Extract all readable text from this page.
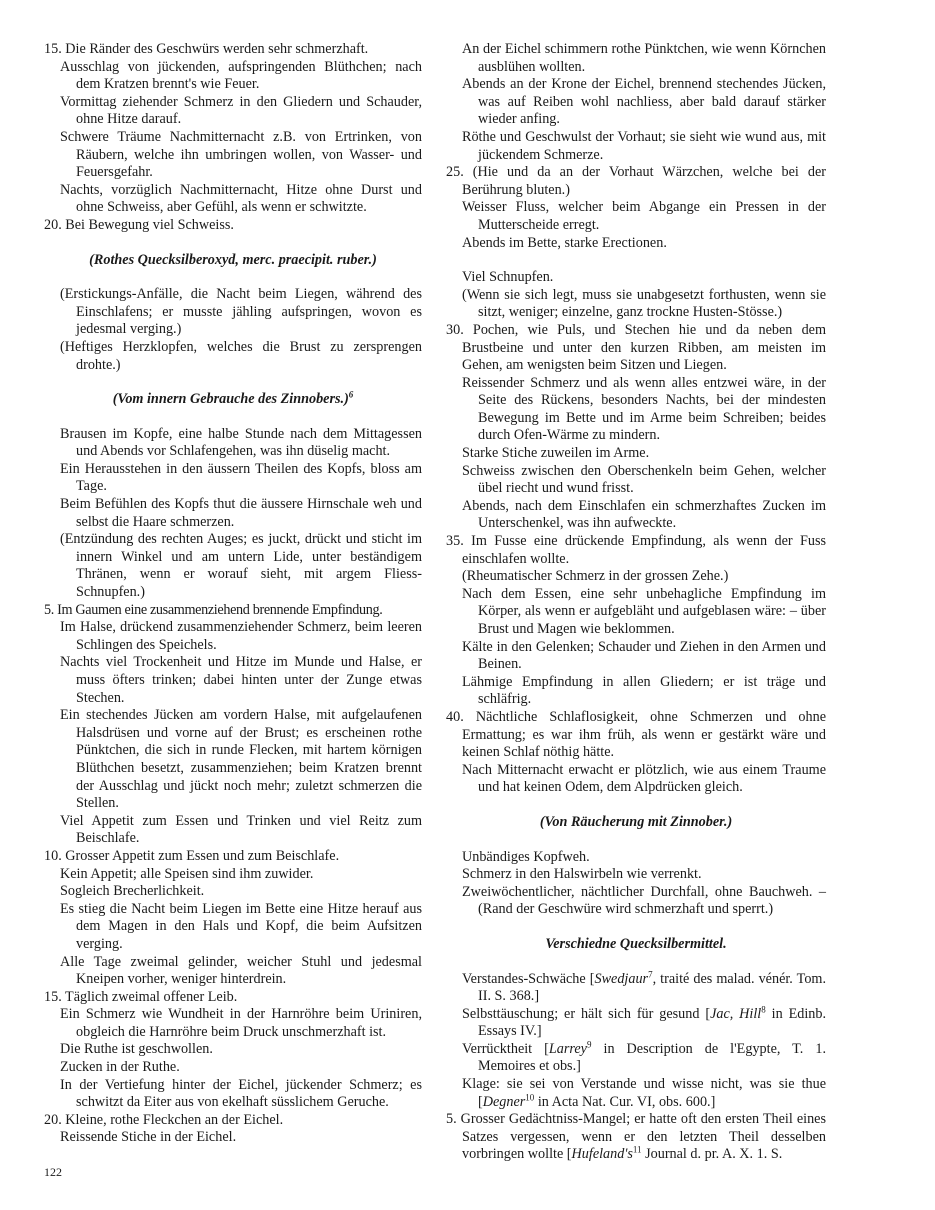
15. Die Ränder des Geschwürs werden sehr schmerzhaft.
Ausschlag von jückenden, aufspringenden Blüthchen; nach dem Kratzen brennt's wie Feuer.
Vormittag ziehender Schmerz in den Gliedern und Schauder, ohne Hitze darauf.
Schwere Träume Nachmitternacht z.B. von Ertrinken, von Räubern, welche ihn umbringen wollen, von Wasser- und Feuersgefahr.
Nachts, vorzüglich Nachmitternacht, Hitze ohne Durst und ohne Schweiss, aber Gefühl, als wenn er schwitzte.
20. Bei Bewegung viel Schweiss.
(Rothes Quecksilberoxyd, merc. praecipit. ruber.)
(Erstickungs-Anfälle, die Nacht beim Liegen, während des Einschlafens; er musste jähling aufspringen, wovon es jedesmal verging.)
(Heftiges Herzklopfen, welches die Brust zu zersprengen drohte.)
(Vom innern Gebrauche des Zinnobers.)$^6$
Brausen im Kopfe, eine halbe Stunde nach dem Mittagessen und Abends vor Schlafengehen, was ihn düselig macht.
Ein Herausstehen in den äussern Theilen des Kopfs, bloss am Tage.
Beim Befühlen des Kopfs thut die äussere Hirnschale weh und selbst die Haare schmerzen.
(Entzündung des rechten Auges; es juckt, drückt und sticht im innern Winkel und am untern Lide, unter beständigem Thränen, wenn er worauf sieht, mit argem Fliess-Schnupfen.)
5. Im Gaumen eine zusammenziehend brennende Empfindung.
Im Halse, drückend zusammenziehender Schmerz, beim leeren Schlingen des Speichels.
Nachts viel Trockenheit und Hitze im Munde und Halse, er muss öfters trinken; dabei hinten unter der Zunge etwas Stechen.
Ein stechendes Jücken am vordern Halse, mit aufgelaufenen Halsdrüsen und vorne auf der Brust; es erscheinen rothe Pünktchen, die sich in runde Flecken, mit hartem körnigen Blüthchen besetzt, zusammenziehen; beim Kratzen brennt der Ausschlag und jückt noch mehr; zuletzt schmerzen die Stellen.
Viel Appetit zum Essen und Trinken und viel Reitz zum Beischlafe.
10. Grosser Appetit zum Essen und zum Beischlafe.
Kein Appetit; alle Speisen sind ihm zuwider.
Sogleich Brecherlichkeit.
Es stieg die Nacht beim Liegen im Bette eine Hitze herauf aus dem Magen in den Hals und Kopf, die beim Aufsitzen verging.
Alle Tage zweimal gelinder, weicher Stuhl und jedesmal Kneipen vorher, weniger hinterdrein.
15. Täglich zweimal offener Leib.
Ein Schmerz wie Wundheit in der Harnröhre beim Uriniren, obgleich die Harnröhre beim Druck unschmerzhaft ist.
Die Ruthe ist geschwollen.
Zucken in der Ruthe.
In der Vertiefung hinter der Eichel, jückender Schmerz; es schwitzt da Eiter aus von ekelhaft süsslichem Geruche.
20. Kleine, rothe Fleckchen an der Eichel.
Reissende Stiche in der Eichel.
An der Eichel schimmern rothe Pünktchen, wie wenn Körnchen ausblühen wollten.
Abends an der Krone der Eichel, brennend stechendes Jücken, was auf Reiben wohl nachliess, aber bald darauf stärker wieder anfing.
Röthe und Geschwulst der Vorhaut; sie sieht wie wund aus, mit jückendem Schmerze.
25. (Hie und da an der Vorhaut Wärzchen, welche bei der Berührung bluten.)
Weisser Fluss, welcher beim Abgange ein Pressen in der Mutterscheide erregt.
Abends im Bette, starke Erectionen.
Viel Schnupfen.
(Wenn sie sich legt, muss sie unabgesetzt forthusten, wenn sie sitzt, weniger; einzelne, ganz trockne Husten-Stösse.)
30. Pochen, wie Puls, und Stechen hie und da neben dem Brustbeine und unter den kurzen Ribben, am meisten im Gehen, am wenigsten beim Sitzen und Liegen.
Reissender Schmerz und als wenn alles entzwei wäre, in der Seite des Rückens, besonders Nachts, bei der mindesten Bewegung im Bette und im Arme beim Schreiben; beides durch Ofen-Wärme zu mindern.
Starke Stiche zuweilen im Arme.
Schweiss zwischen den Oberschenkeln beim Gehen, welcher übel riecht und wund frisst.
Abends, nach dem Einschlafen ein schmerzhaftes Zucken im Unterschenkel, was ihn aufweckte.
35. Im Fusse eine drückende Empfindung, als wenn der Fuss einschlafen wollte.
(Rheumatischer Schmerz in der grossen Zehe.)
Nach dem Essen, eine sehr unbehagliche Empfindung im Körper, als wenn er aufgebläht und aufgeblasen wäre: – über Brust und Magen wie beklommen.
Kälte in den Gelenken; Schauder und Ziehen in den Armen und Beinen.
Lähmige Empfindung in allen Gliedern; er ist träge und schläfrig.
40. Nächtliche Schlaflosigkeit, ohne Schmerzen und ohne Ermattung; es war ihm früh, als wenn er gestärkt wäre und keinen Schlaf nöthig hätte.
Nach Mitternacht erwacht er plötzlich, wie aus einem Traume und hat keinen Odem, dem Alpdrücken gleich.
(Von Räucherung mit Zinnober.)
Unbändiges Kopfweh.
Schmerz in den Halswirbeln wie verrenkt.
Zweiwöchentlicher, nächtlicher Durchfall, ohne Bauchweh. – (Rand der Geschwüre wird schmerzhaft und sperrt.)
Verschiedne Quecksilbermittel.
Verstandes-Schwäche [Swedjaur$^7$, traité des malad. vénér. Tom. II. S. 368.]
Selbsttäuschung; er hält sich für gesund [Jac, Hill$^8$ in Edinb. Essays IV.]
Verrücktheit [Larrey$^9$ in Description de l'Egypte, T. 1. Memoires et obs.]
Klage: sie sei von Verstande und wisse nicht, was sie thue [Degner$^{10}$ in Acta Nat. Cur. VI, obs. 600.]
5. Grosser Gedächtniss-Mangel; er hatte oft den ersten Theil eines Satzes vergessen, wenn er den letzten Theil desselben vorbringen wollte [Hufeland's$^{11}$ Journal d. pr. A. X. 1. S.
122
